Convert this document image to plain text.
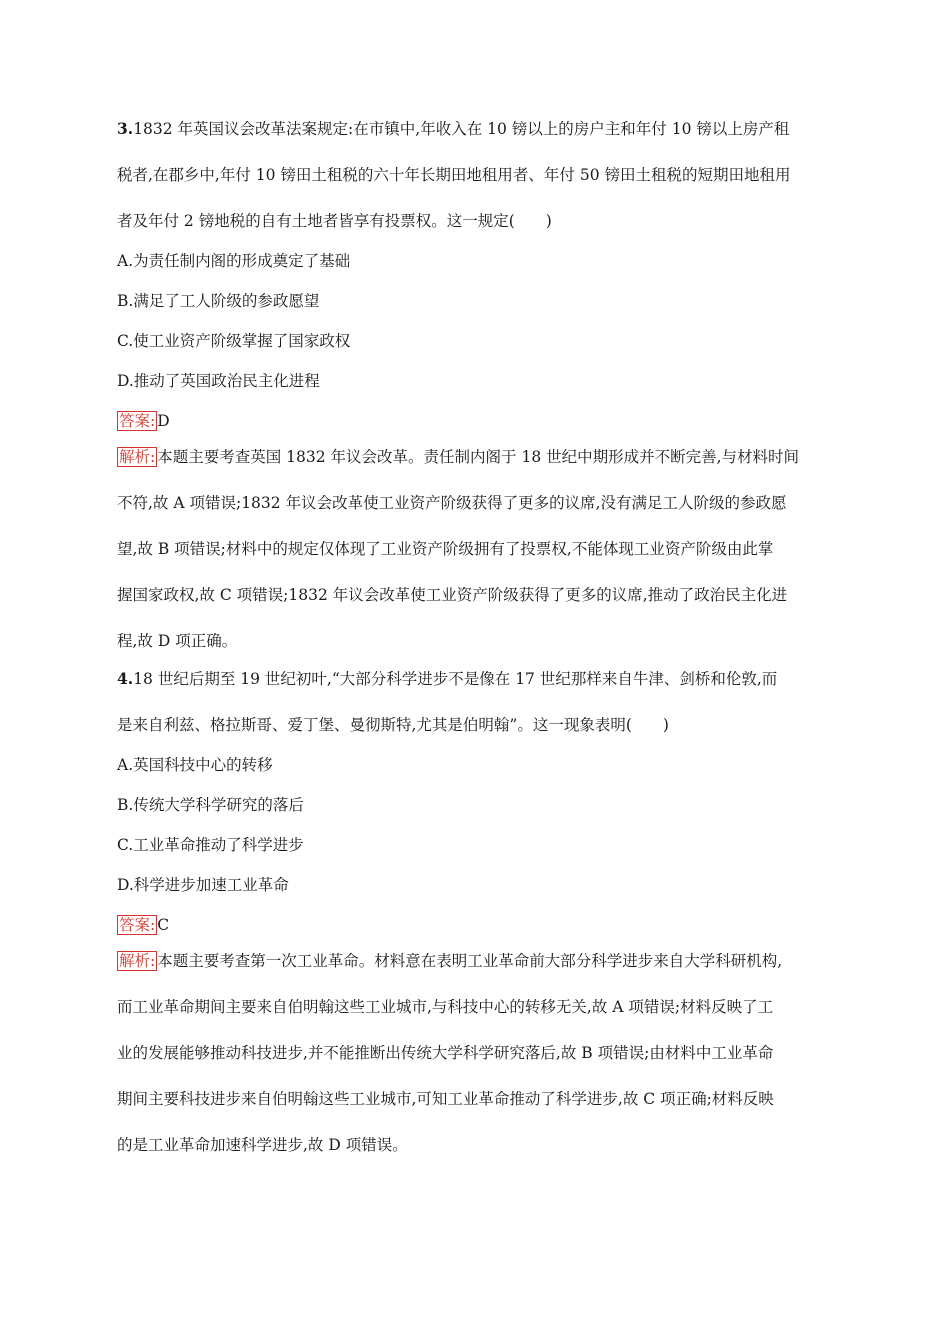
3.1832 年英国议会改革法案规定:在市镇中,年收入在 10 镑以上的房户主和年付 10 镑以上房产租
税者,在郡乡中,年付 10 镑田土租税的六十年长期田地租用者、年付 50 镑田土租税的短期田地租用
者及年付 2 镑地税的自有土地者皆享有投票权。这一规定(　　)
A.为责任制内阁的形成奠定了基础
B.满足了工人阶级的参政愿望
C.使工业资产阶级掌握了国家政权
D.推动了英国政治民主化进程
答案: D
解析: 本题主要考查英国 1832 年议会改革。责任制内阁于 18 世纪中期形成并不断完善,与材料时间
不符,故 A 项错误;1832 年议会改革使工业资产阶级获得了更多的议席,没有满足工人阶级的参政愿
望,故 B 项错误;材料中的规定仅体现了工业资产阶级拥有了投票权,不能体现工业资产阶级由此掌
握国家政权,故 C 项错误;1832 年议会改革使工业资产阶级获得了更多的议席,推动了政治民主化进
程,故 D 项正确。
4.18 世纪后期至 19 世纪初叶,“大部分科学进步不是像在 17 世纪那样来自牛津、剑桥和伦敦,而
是来自利兹、格拉斯哥、爱丁堡、曼彻斯特,尤其是伯明翰”。这一现象表明(　　)
A.英国科技中心的转移
B.传统大学科学研究的落后
C.工业革命推动了科学进步
D.科学进步加速工业革命
答案: C
解析: 本题主要考查第一次工业革命。材料意在表明工业革命前大部分科学进步来自大学科研机构,
而工业革命期间主要来自伯明翰这些工业城市,与科技中心的转移无关,故 A 项错误;材料反映了工
业的发展能够推动科技进步,并不能推断出传统大学科学研究落后,故 B 项错误;由材料中工业革命
期间主要科技进步来自伯明翰这些工业城市,可知工业革命推动了科学进步,故 C 项正确;材料反映
的是工业革命加速科学进步,故 D 项错误。
